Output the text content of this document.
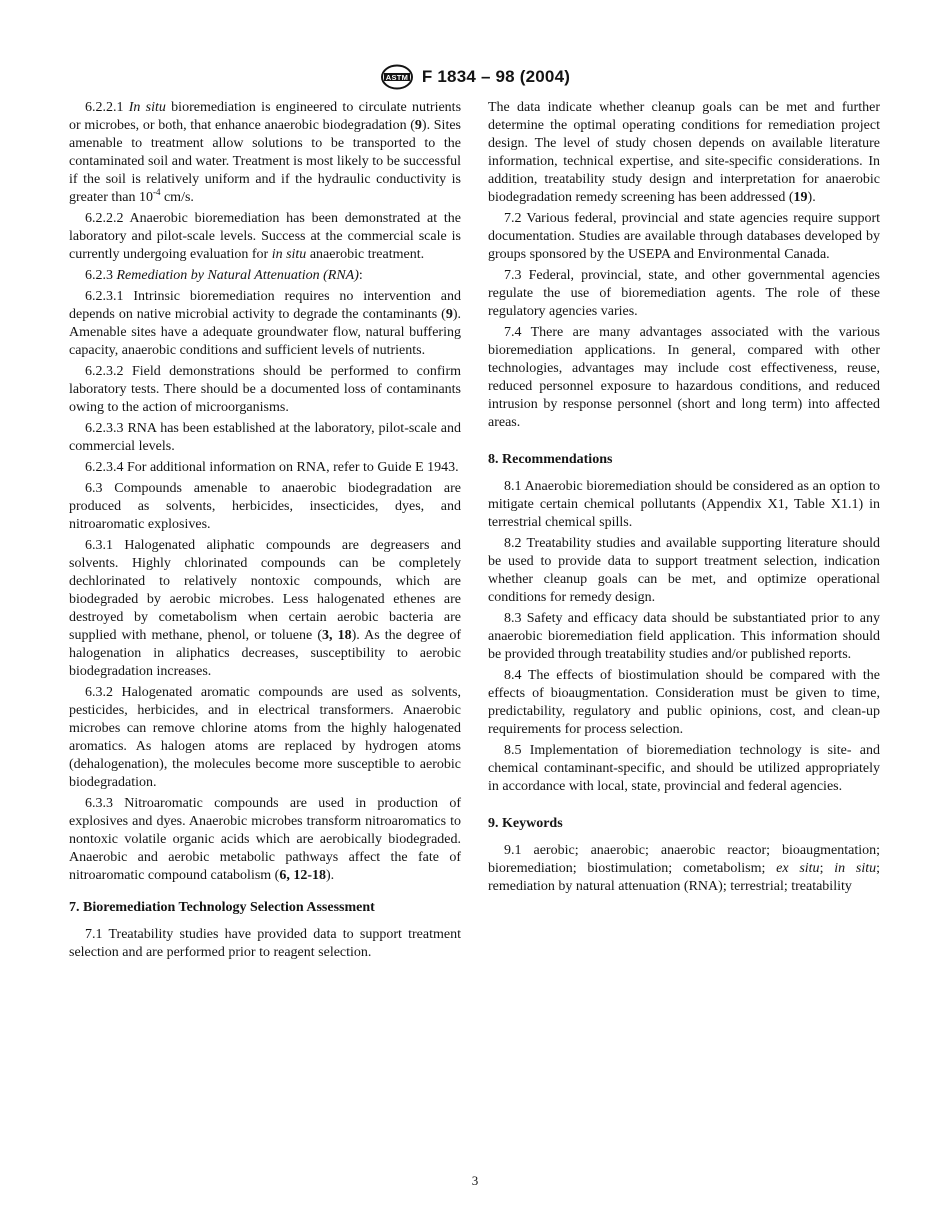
ASTM F 1834 – 98 (2004)

6.2.2.1 In situ bioremediation is engineered to circulate nutrients or microbes, or both, that enhance anaerobic biodegradation (9). Sites amenable to treatment allow solutions to be transported to the contaminated soil and water. Treatment is most likely to be successful if the soil is relatively uniform and if the hydraulic conductivity is greater than $10^{-4}$ cm/s.

6.2.2.2 Anaerobic bioremediation has been demonstrated at the laboratory and pilot-scale levels. Success at the commercial scale is currently undergoing evaluation for in situ anaerobic treatment.

6.2.3 Remediation by Natural Attenuation (RNA):

6.2.3.1 Intrinsic bioremediation requires no intervention and depends on native microbial activity to degrade the contaminants (9). Amenable sites have a adequate groundwater flow, natural buffering capacity, anaerobic conditions and sufficient levels of nutrients.

6.2.3.2 Field demonstrations should be performed to confirm laboratory tests. There should be a documented loss of contaminants owing to the action of microorganisms.

6.2.3.3 RNA has been established at the laboratory, pilot-scale and commercial levels.

6.2.3.4 For additional information on RNA, refer to Guide E 1943.

6.3 Compounds amenable to anaerobic biodegradation are produced as solvents, herbicides, insecticides, dyes, and nitroaromatic explosives.

6.3.1 Halogenated aliphatic compounds are degreasers and solvents. Highly chlorinated compounds can be completely dechlorinated to relatively nontoxic compounds, which are biodegraded by aerobic microbes. Less halogenated ethenes are destroyed by cometabolism when certain aerobic bacteria are supplied with methane, phenol, or toluene (3, 18). As the degree of halogenation in aliphatics decreases, susceptibility to aerobic biodegradation increases.

6.3.2 Halogenated aromatic compounds are used as solvents, pesticides, herbicides, and in electrical transformers. Anaerobic microbes can remove chlorine atoms from the highly halogenated aromatics. As halogen atoms are replaced by hydrogen atoms (dehalogenation), the molecules become more susceptible to aerobic biodegradation.

6.3.3 Nitroaromatic compounds are used in production of explosives and dyes. Anaerobic microbes transform nitroaromatics to nontoxic volatile organic acids which are aerobically biodegraded. Anaerobic and aerobic metabolic pathways affect the fate of nitroaromatic compound catabolism (6, 12-18).

7. Bioremediation Technology Selection Assessment

7.1 Treatability studies have provided data to support treatment selection and are performed prior to reagent selection.

The data indicate whether cleanup goals can be met and further determine the optimal operating conditions for remediation project design. The level of study chosen depends on available literature information, technical expertise, and site-specific considerations. In addition, treatability study design and interpretation for anaerobic biodegradation remedy screening has been addressed (19).

7.2 Various federal, provincial and state agencies require support documentation. Studies are available through databases developed by groups sponsored by the USEPA and Environmental Canada.

7.3 Federal, provincial, state, and other governmental agencies regulate the use of bioremediation agents. The role of these regulatory agencies varies.

7.4 There are many advantages associated with the various bioremediation applications. In general, compared with other technologies, advantages may include cost effectiveness, reuse, reduced personnel exposure to hazardous conditions, and reduced intrusion by response personnel (short and long term) into affected areas.

8. Recommendations

8.1 Anaerobic bioremediation should be considered as an option to mitigate certain chemical pollutants (Appendix X1, Table X1.1) in terrestrial chemical spills.

8.2 Treatability studies and available supporting literature should be used to provide data to support treatment selection, indication whether cleanup goals can be met, and optimize operational conditions for remedy design.

8.3 Safety and efficacy data should be substantiated prior to any anaerobic bioremediation field application. This information should be provided through treatability studies and/or published reports.

8.4 The effects of biostimulation should be compared with the effects of bioaugmentation. Consideration must be given to time, predictability, regulatory and public opinions, cost, and clean-up requirements for process selection.

8.5 Implementation of bioremediation technology is site- and chemical contaminant-specific, and should be utilized appropriately in accordance with local, state, provincial and federal agencies.

9. Keywords

9.1 aerobic; anaerobic; anaerobic reactor; bioaugmentation; bioremediation; biostimulation; cometabolism; ex situ; in situ; remediation by natural attenuation (RNA); terrestrial; treatability

3
